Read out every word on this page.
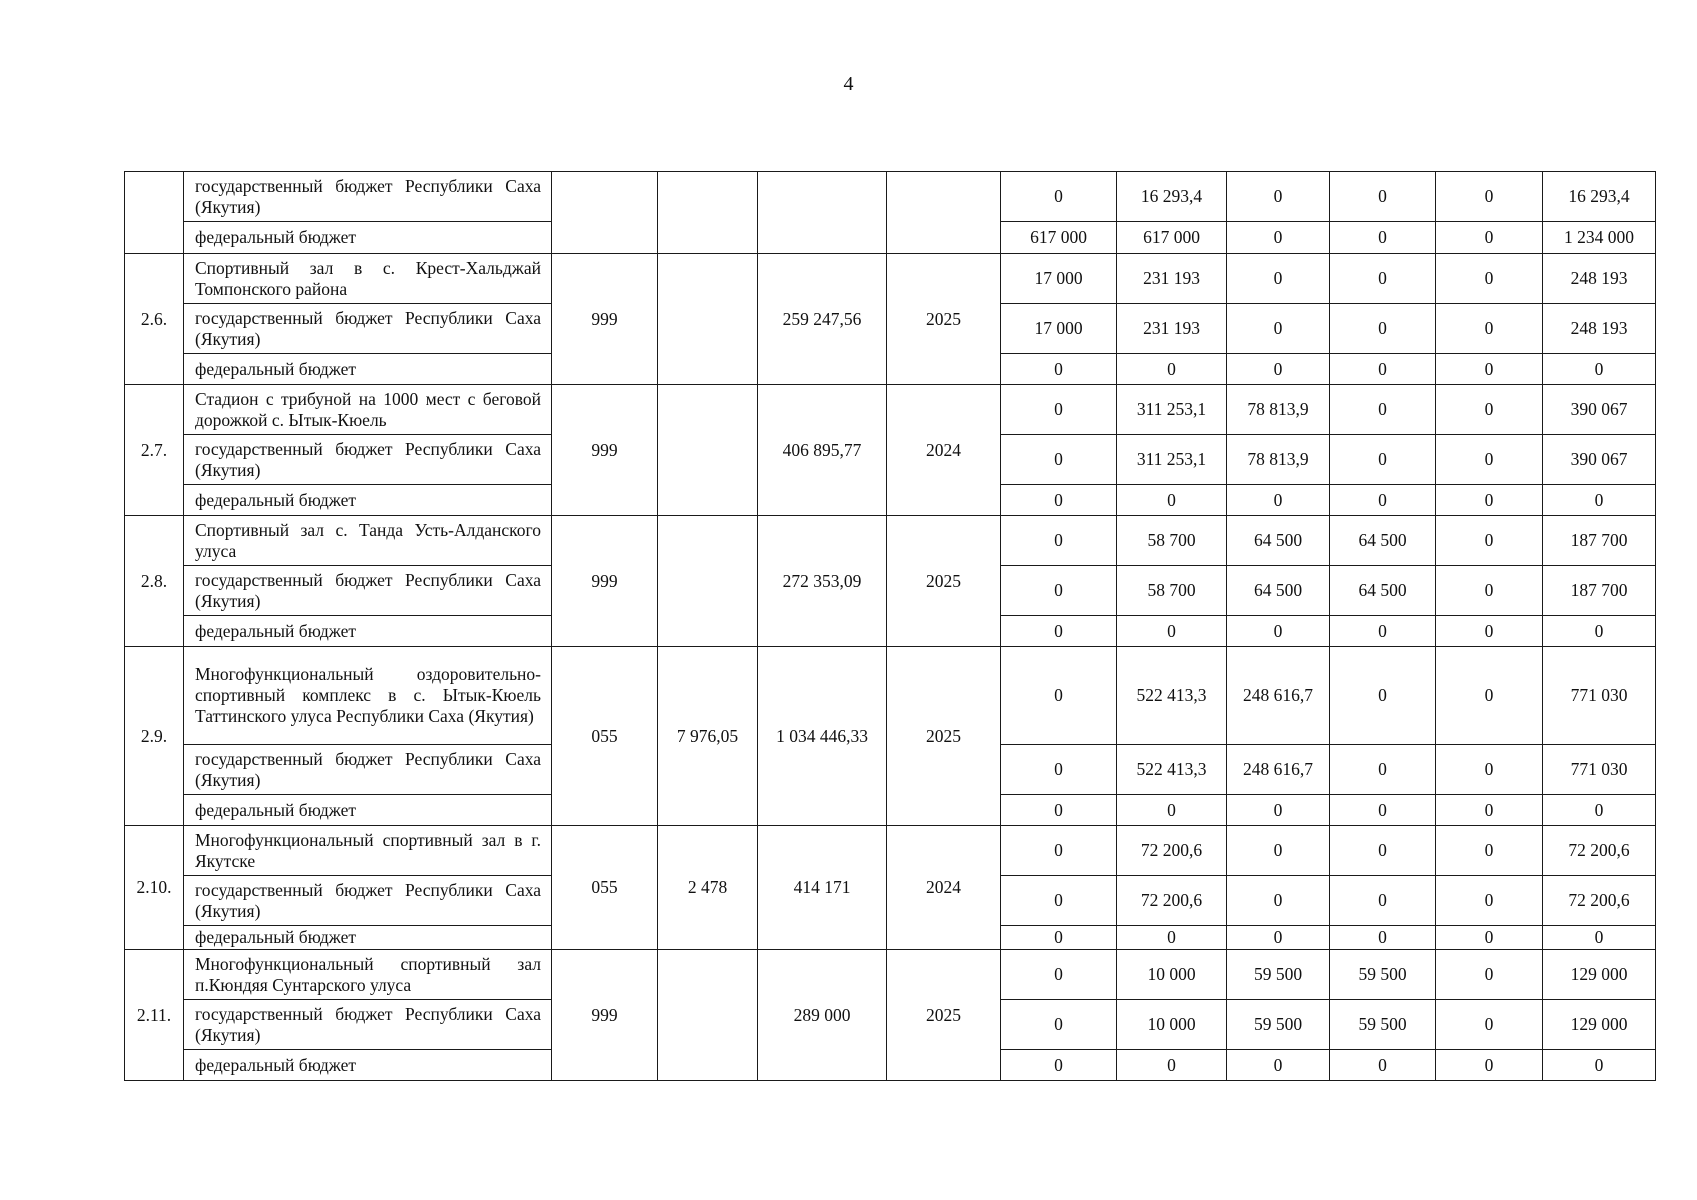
4
	государственный бюджет Республики Саха (Якутия)					0	16 293,4	0	0	0	16 293,4
	федеральный бюджет					617 000	617 000	0	0	0	1 234 000
2.6.	Спортивный зал в с. Крест-Хальджай Томпонского района	999		259 247,56	2025	17 000	231 193	0	0	0	248 193
	государственный бюджет Республики Саха (Якутия)					17 000	231 193	0	0	0	248 193
	федеральный бюджет					0	0	0	0	0	0
2.7.	Стадион с трибуной на 1000 мест с беговой дорожкой с. Ытык-Кюель	999		406 895,77	2024	0	311 253,1	78 813,9	0	0	390 067
	государственный бюджет Республики Саха (Якутия)					0	311 253,1	78 813,9	0	0	390 067
	федеральный бюджет					0	0	0	0	0	0
2.8.	Спортивный зал с. Танда Усть-Алданского улуса	999		272 353,09	2025	0	58 700	64 500	64 500	0	187 700
	государственный бюджет Республики Саха (Якутия)					0	58 700	64 500	64 500	0	187 700
	федеральный бюджет					0	0	0	0	0	0
2.9.	Многофункциональный оздоровительно-спортивный комплекс в с. Ытык-Кюель Таттинского улуса Республики Саха (Якутия)	055	7 976,05	1 034 446,33	2025	0	522 413,3	248 616,7	0	0	771 030
	государственный бюджет Республики Саха (Якутия)					0	522 413,3	248 616,7	0	0	771 030
	федеральный бюджет					0	0	0	0	0	0
2.10.	Многофункциональный спортивный зал в г. Якутске	055	2 478	414 171	2024	0	72 200,6	0	0	0	72 200,6
	государственный бюджет Республики Саха (Якутия)					0	72 200,6	0	0	0	72 200,6
	федеральный бюджет					0	0	0	0	0	0
2.11.	Многофункциональный спортивный зал п.Кюндяя Сунтарского улуса	999		289 000	2025	0	10 000	59 500	59 500	0	129 000
	государственный бюджет Республики Саха (Якутия)					0	10 000	59 500	59 500	0	129 000
	федеральный бюджет					0	0	0	0	0	0
